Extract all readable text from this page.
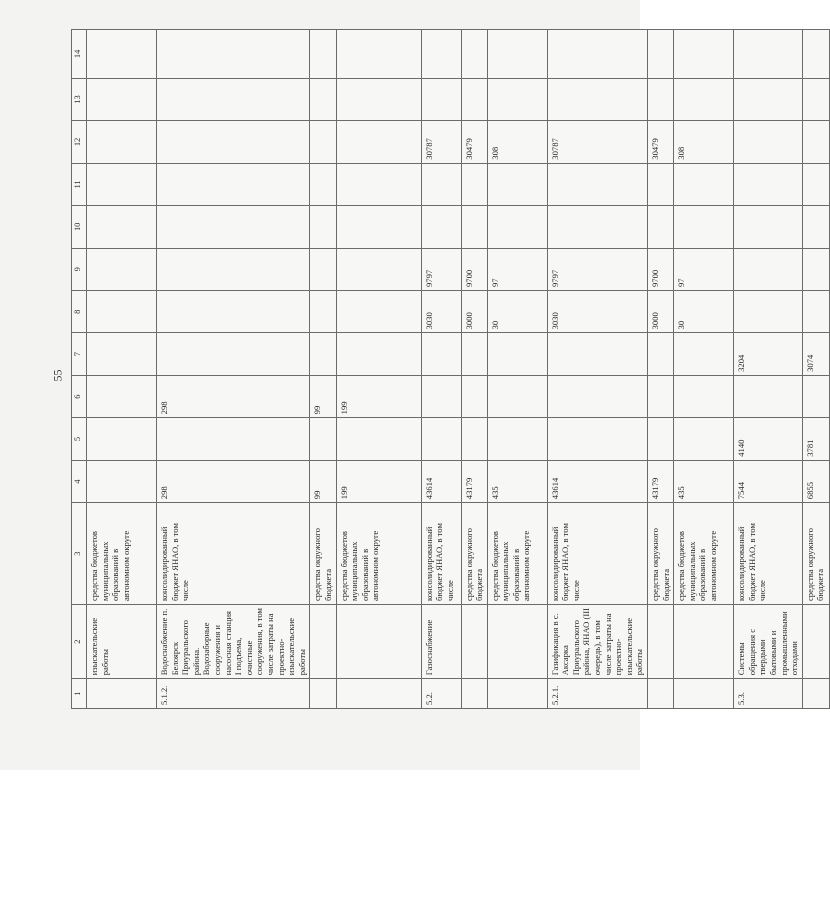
55
1	2	3	4	5	6	7	8	9	10	11	12	13	14
	изыскательские работы	средства бюджетов муниципальных образований в автономном округе											
5.1.2.	Водоснабжение п. Белоярск Приуральского района. Водозаборные сооружения и насосная станция I подъема, очистные сооружения, в том числе затраты на проектно-изыскательские работы	консолидированный бюджет ЯНАО, в том числе	298		298								
		средства окружного бюджета	99		99								
		средства бюджетов муниципальных образований в автономном округе	199		199								
5.2.	Газоснабжение	консолидированный бюджет ЯНАО, в том числе	43614				3030	9797			30787		
		средства окружного бюджета	43179				3000	9700			30479		
		средства бюджетов муниципальных образований в автономном округе	435				30	97			308		
5.2.1.	Газификация в с. Аксарка Приуральского района, ЯНАО (III очередь), в том числе затраты на проектно-изыскательские работы	консолидированный бюджет ЯНАО, в том числе	43614				3030	9797			30787		
		средства окружного бюджета	43179				3000	9700			30479		
		средства бюджетов муниципальных образований в автономном округе	435				30	97			308		
5.3.	Системы обращения с твердыми бытовыми и промышленными отходами	консолидированный бюджет ЯНАО, в том числе	7544	4140		3204							
		средства окружного бюджета	6855	3781		3074							
